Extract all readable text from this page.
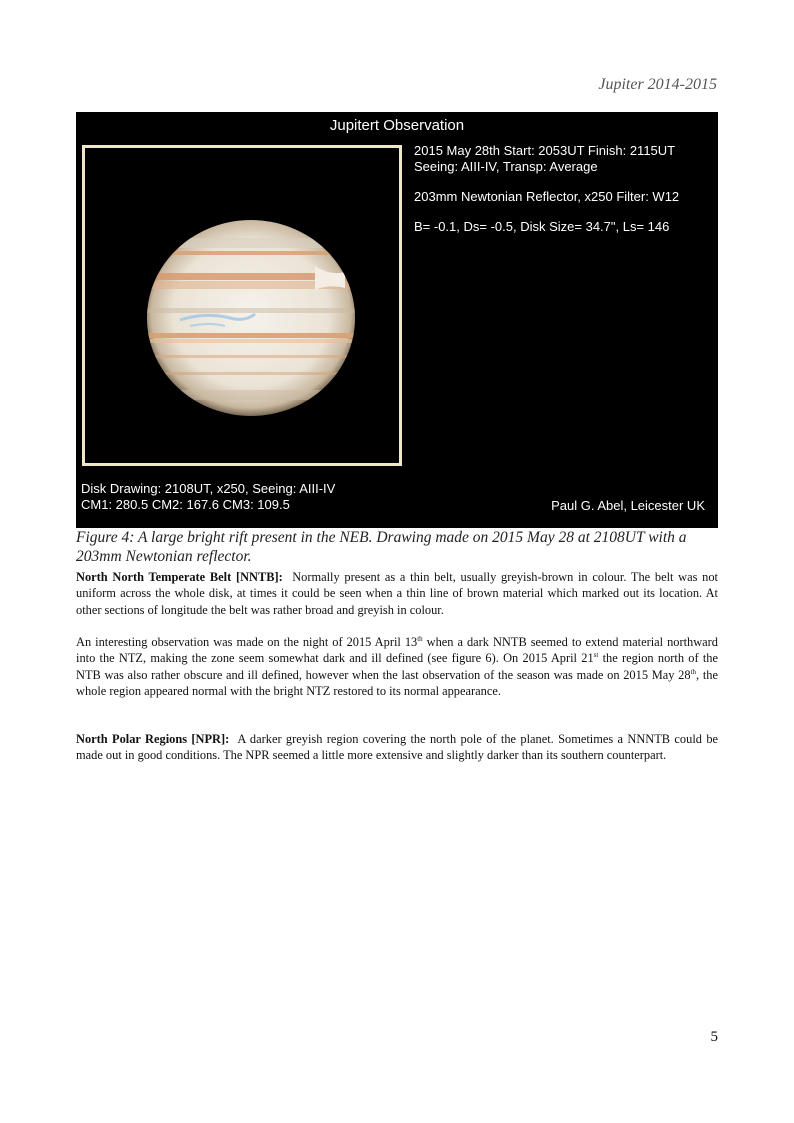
Jupiter 2014-2015
Jupitert Observation
2015 May 28th Start: 2053UT Finish: 2115UT
Seeing: AIII-IV, Transp: Average
203mm Newtonian Reflector, x250 Filter: W12
B= -0.1, Ds= -0.5, Disk Size= 34.7", Ls= 146
Disk Drawing: 2108UT, x250, Seeing: AIII-IV
CM1: 280.5 CM2: 167.6 CM3: 109.5	Paul G. Abel, Leicester UK
Figure 4: A large bright rift present in the NEB. Drawing made on 2015 May 28 at 2108UT with a 203mm Newtonian reflector.

North North Temperate Belt [NNTB]: Normally present as a thin belt, usually greyish-brown in colour. The belt was not uniform across the whole disk, at times it could be seen when a thin line of brown material which marked out its location. At other sections of longitude the belt was rather broad and greyish in colour.

An interesting observation was made on the night of 2015 April 13th when a dark NNTB seemed to extend material northward into the NTZ, making the zone seem somewhat dark and ill defined (see figure 6). On 2015 April 21st the region north of the NTB was also rather obscure and ill defined, however when the last observation of the season was made on 2015 May 28th, the whole region appeared normal with the bright NTZ restored to its normal appearance.

North Polar Regions [NPR]: A darker greyish region covering the north pole of the planet. Sometimes a NNNTB could be made out in good conditions. The NPR seemed a little more extensive and slightly darker than its southern counterpart.

5
